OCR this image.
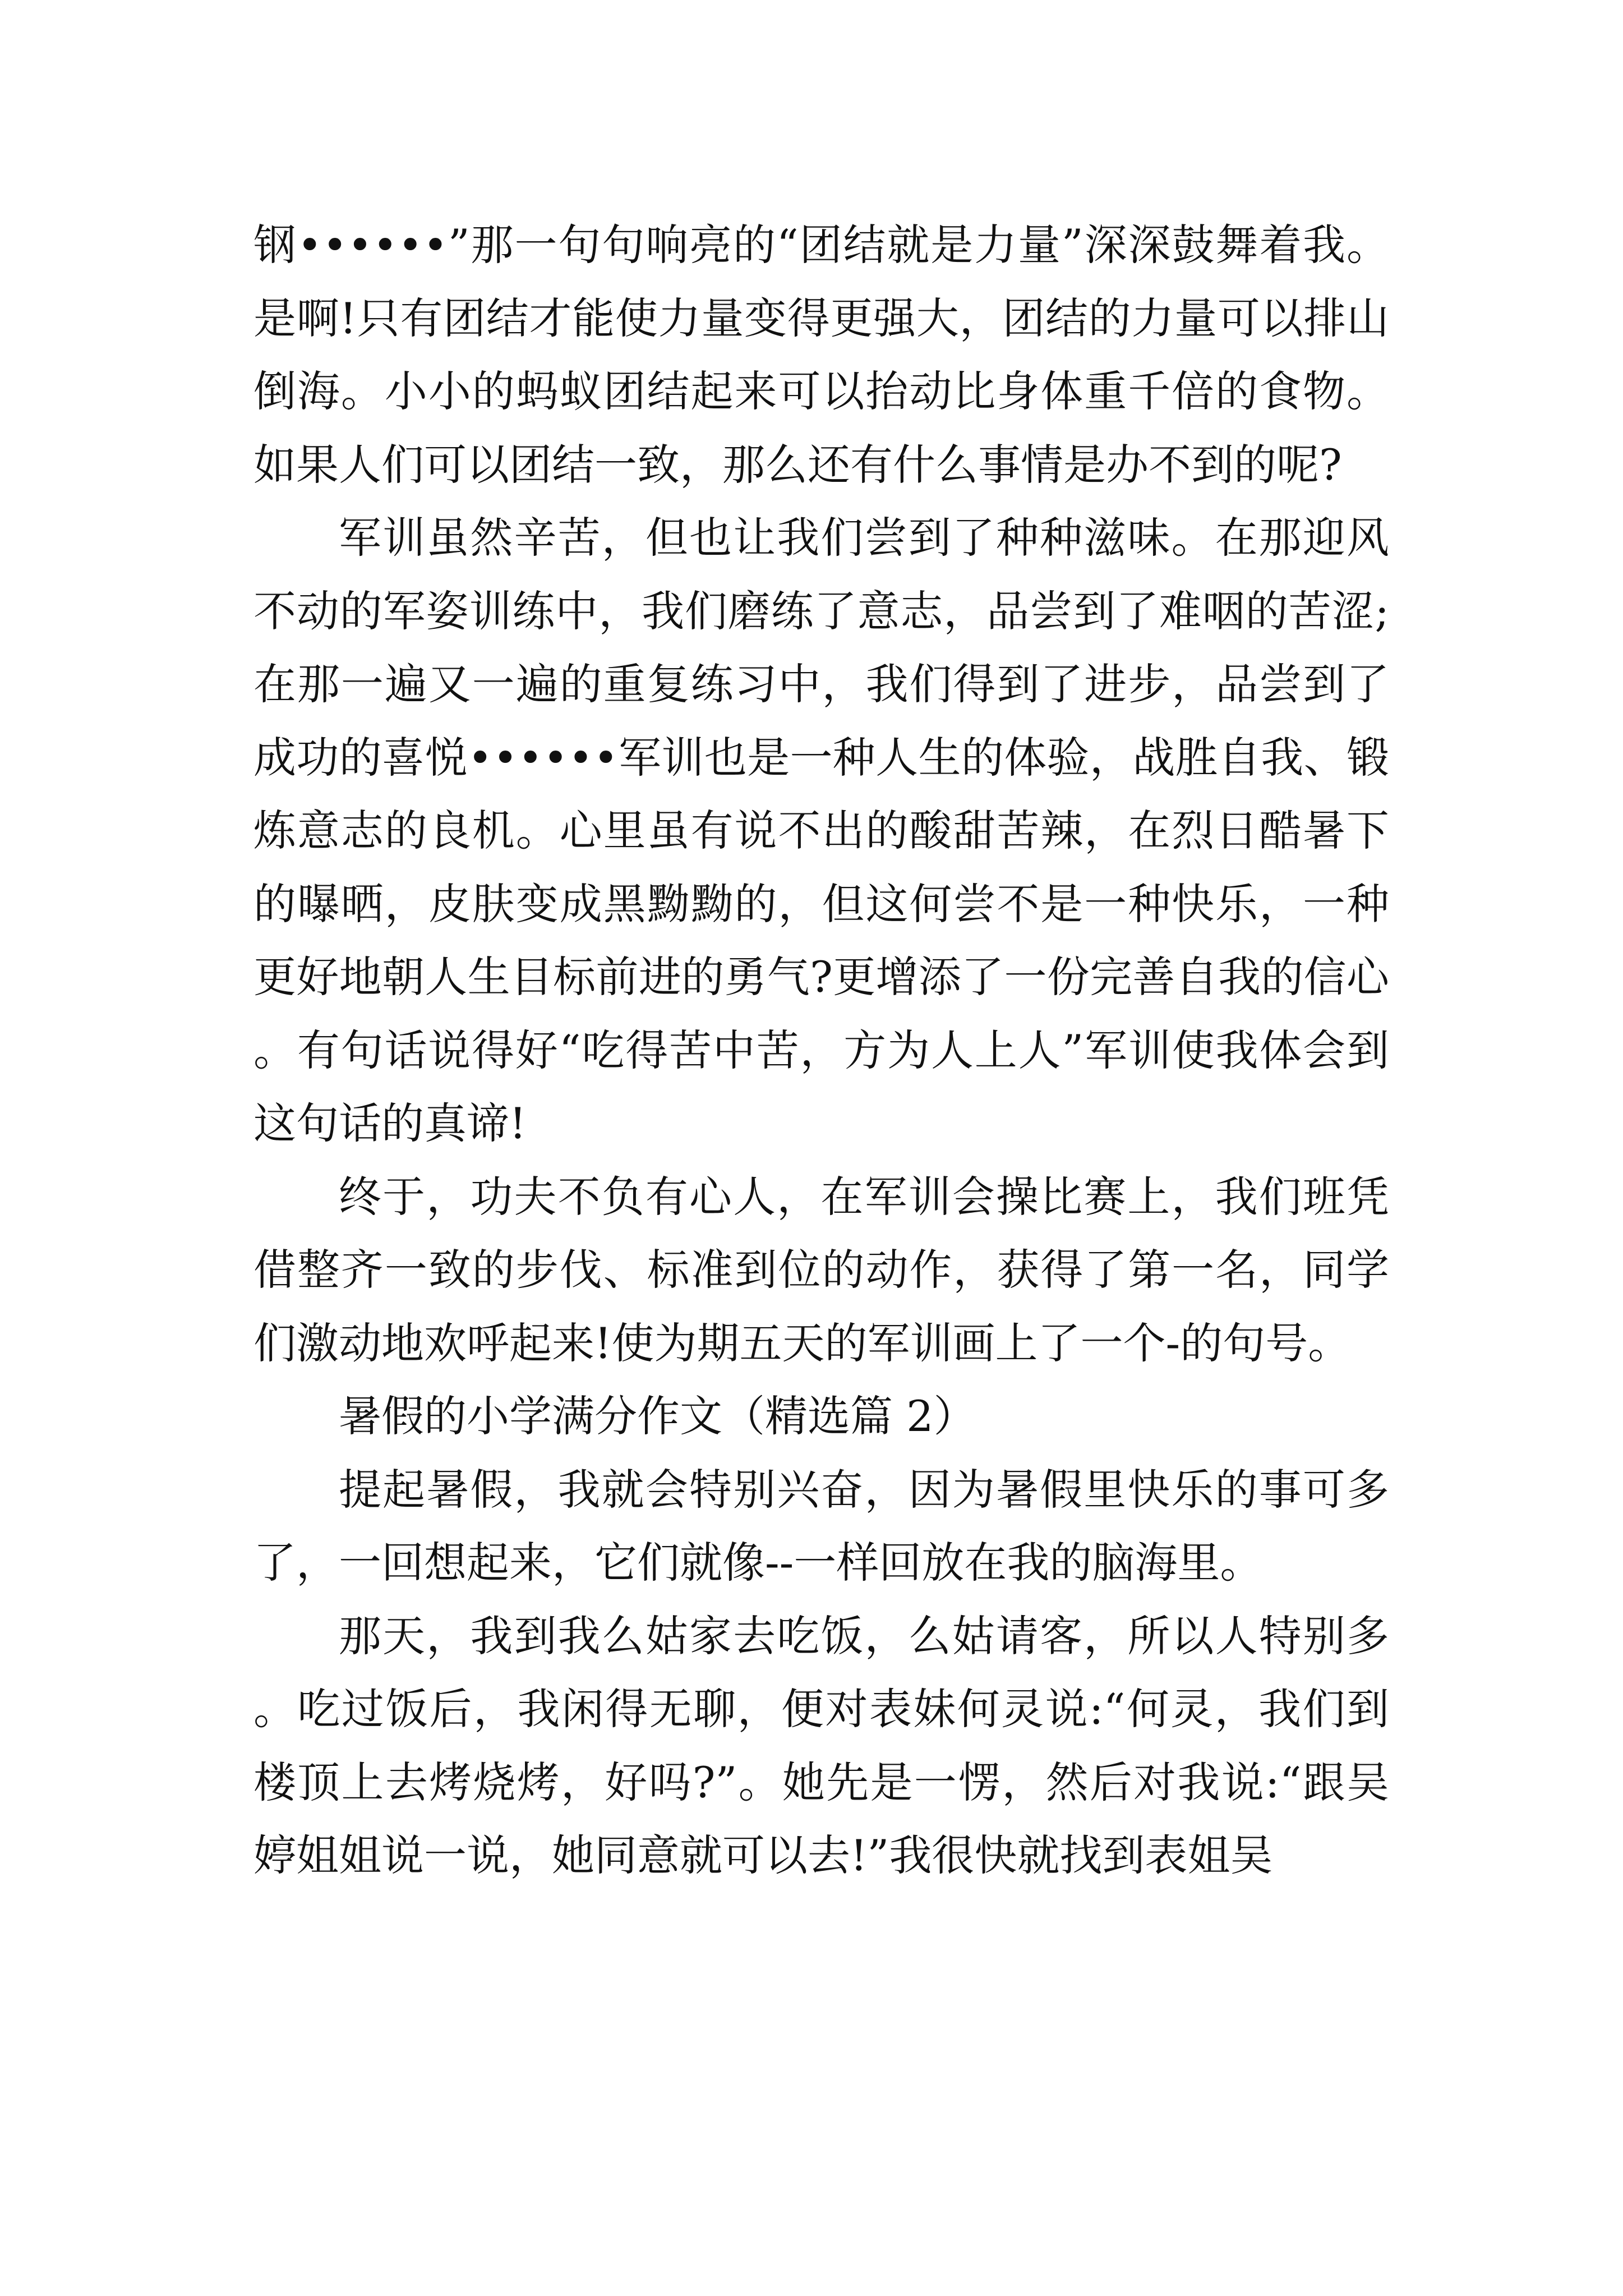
钢••••••”那一句句响亮的“团结就是力量”深深鼓舞着我。是啊!只有团结才能使力量变得更强大，团结的力量可以排山倒海。小小的蚂蚁团结起来可以抬动比身体重千倍的食物。如果人们可以团结一致，那么还有什么事情是办不到的呢?

军训虽然辛苦，但也让我们尝到了种种滋味。在那迎风不动的军姿训练中，我们磨练了意志，品尝到了难咽的苦涩;在那一遍又一遍的重复练习中，我们得到了进步，品尝到了成功的喜悦••••••军训也是一种人生的体验，战胜自我、锻炼意志的良机。心里虽有说不出的酸甜苦辣，在烈日酷暑下的曝晒，皮肤变成黑黝黝的，但这何尝不是一种快乐，一种更好地朝人生目标前进的勇气?更增添了一份完善自我的信心。有句话说得好“吃得苦中苦，方为人上人”军训使我体会到这句话的真谛!

终于，功夫不负有心人，在军训会操比赛上，我们班凭借整齐一致的步伐、标准到位的动作，获得了第一名，同学们激动地欢呼起来!使为期五天的军训画上了一个-的句号。

暑假的小学满分作文（精选篇 2）

提起暑假，我就会特别兴奋，因为暑假里快乐的事可多了，一回想起来，它们就像--一样回放在我的脑海里。

那天，我到我么姑家去吃饭，么姑请客，所以人特别多。吃过饭后，我闲得无聊，便对表妹何灵说:“何灵，我们到楼顶上去烤烧烤，好吗?”。她先是一愣，然后对我说:“跟吴婷姐姐说一说，她同意就可以去!”我很快就找到表姐吴
